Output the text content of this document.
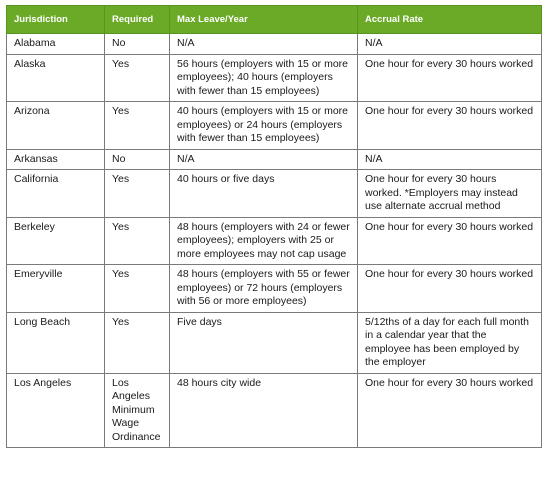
Jurisdiction	Required	Max Leave/Year	Accrual Rate
Alabama	No	N/A	N/A
Alaska	Yes	56 hours (employers with 15 or more employees); 40 hours (employers with fewer than 15 employees)	One hour for every 30 hours worked
Arizona	Yes	40 hours (employers with 15 or more employees) or 24 hours (employers with fewer than 15 employees)	One hour for every 30 hours worked
Arkansas	No	N/A	N/A
California	Yes	40 hours or five days	One hour for every 30 hours worked. *Employers may instead use alternate accrual method
Berkeley	Yes	48 hours (employers with 24 or fewer employees); employers with 25 or more employees may not cap usage	One hour for every 30 hours worked
Emeryville	Yes	48 hours (employers with 55 or fewer employees) or 72 hours (employers with 56 or more employees)	One hour for every 30 hours worked
Long Beach	Yes	Five days	5/12ths of a day for each full month in a calendar year that the employee has been employed by the employer
Los Angeles	Los Angeles Minimum Wage Ordinance	48 hours city wide	One hour for every 30 hours worked
